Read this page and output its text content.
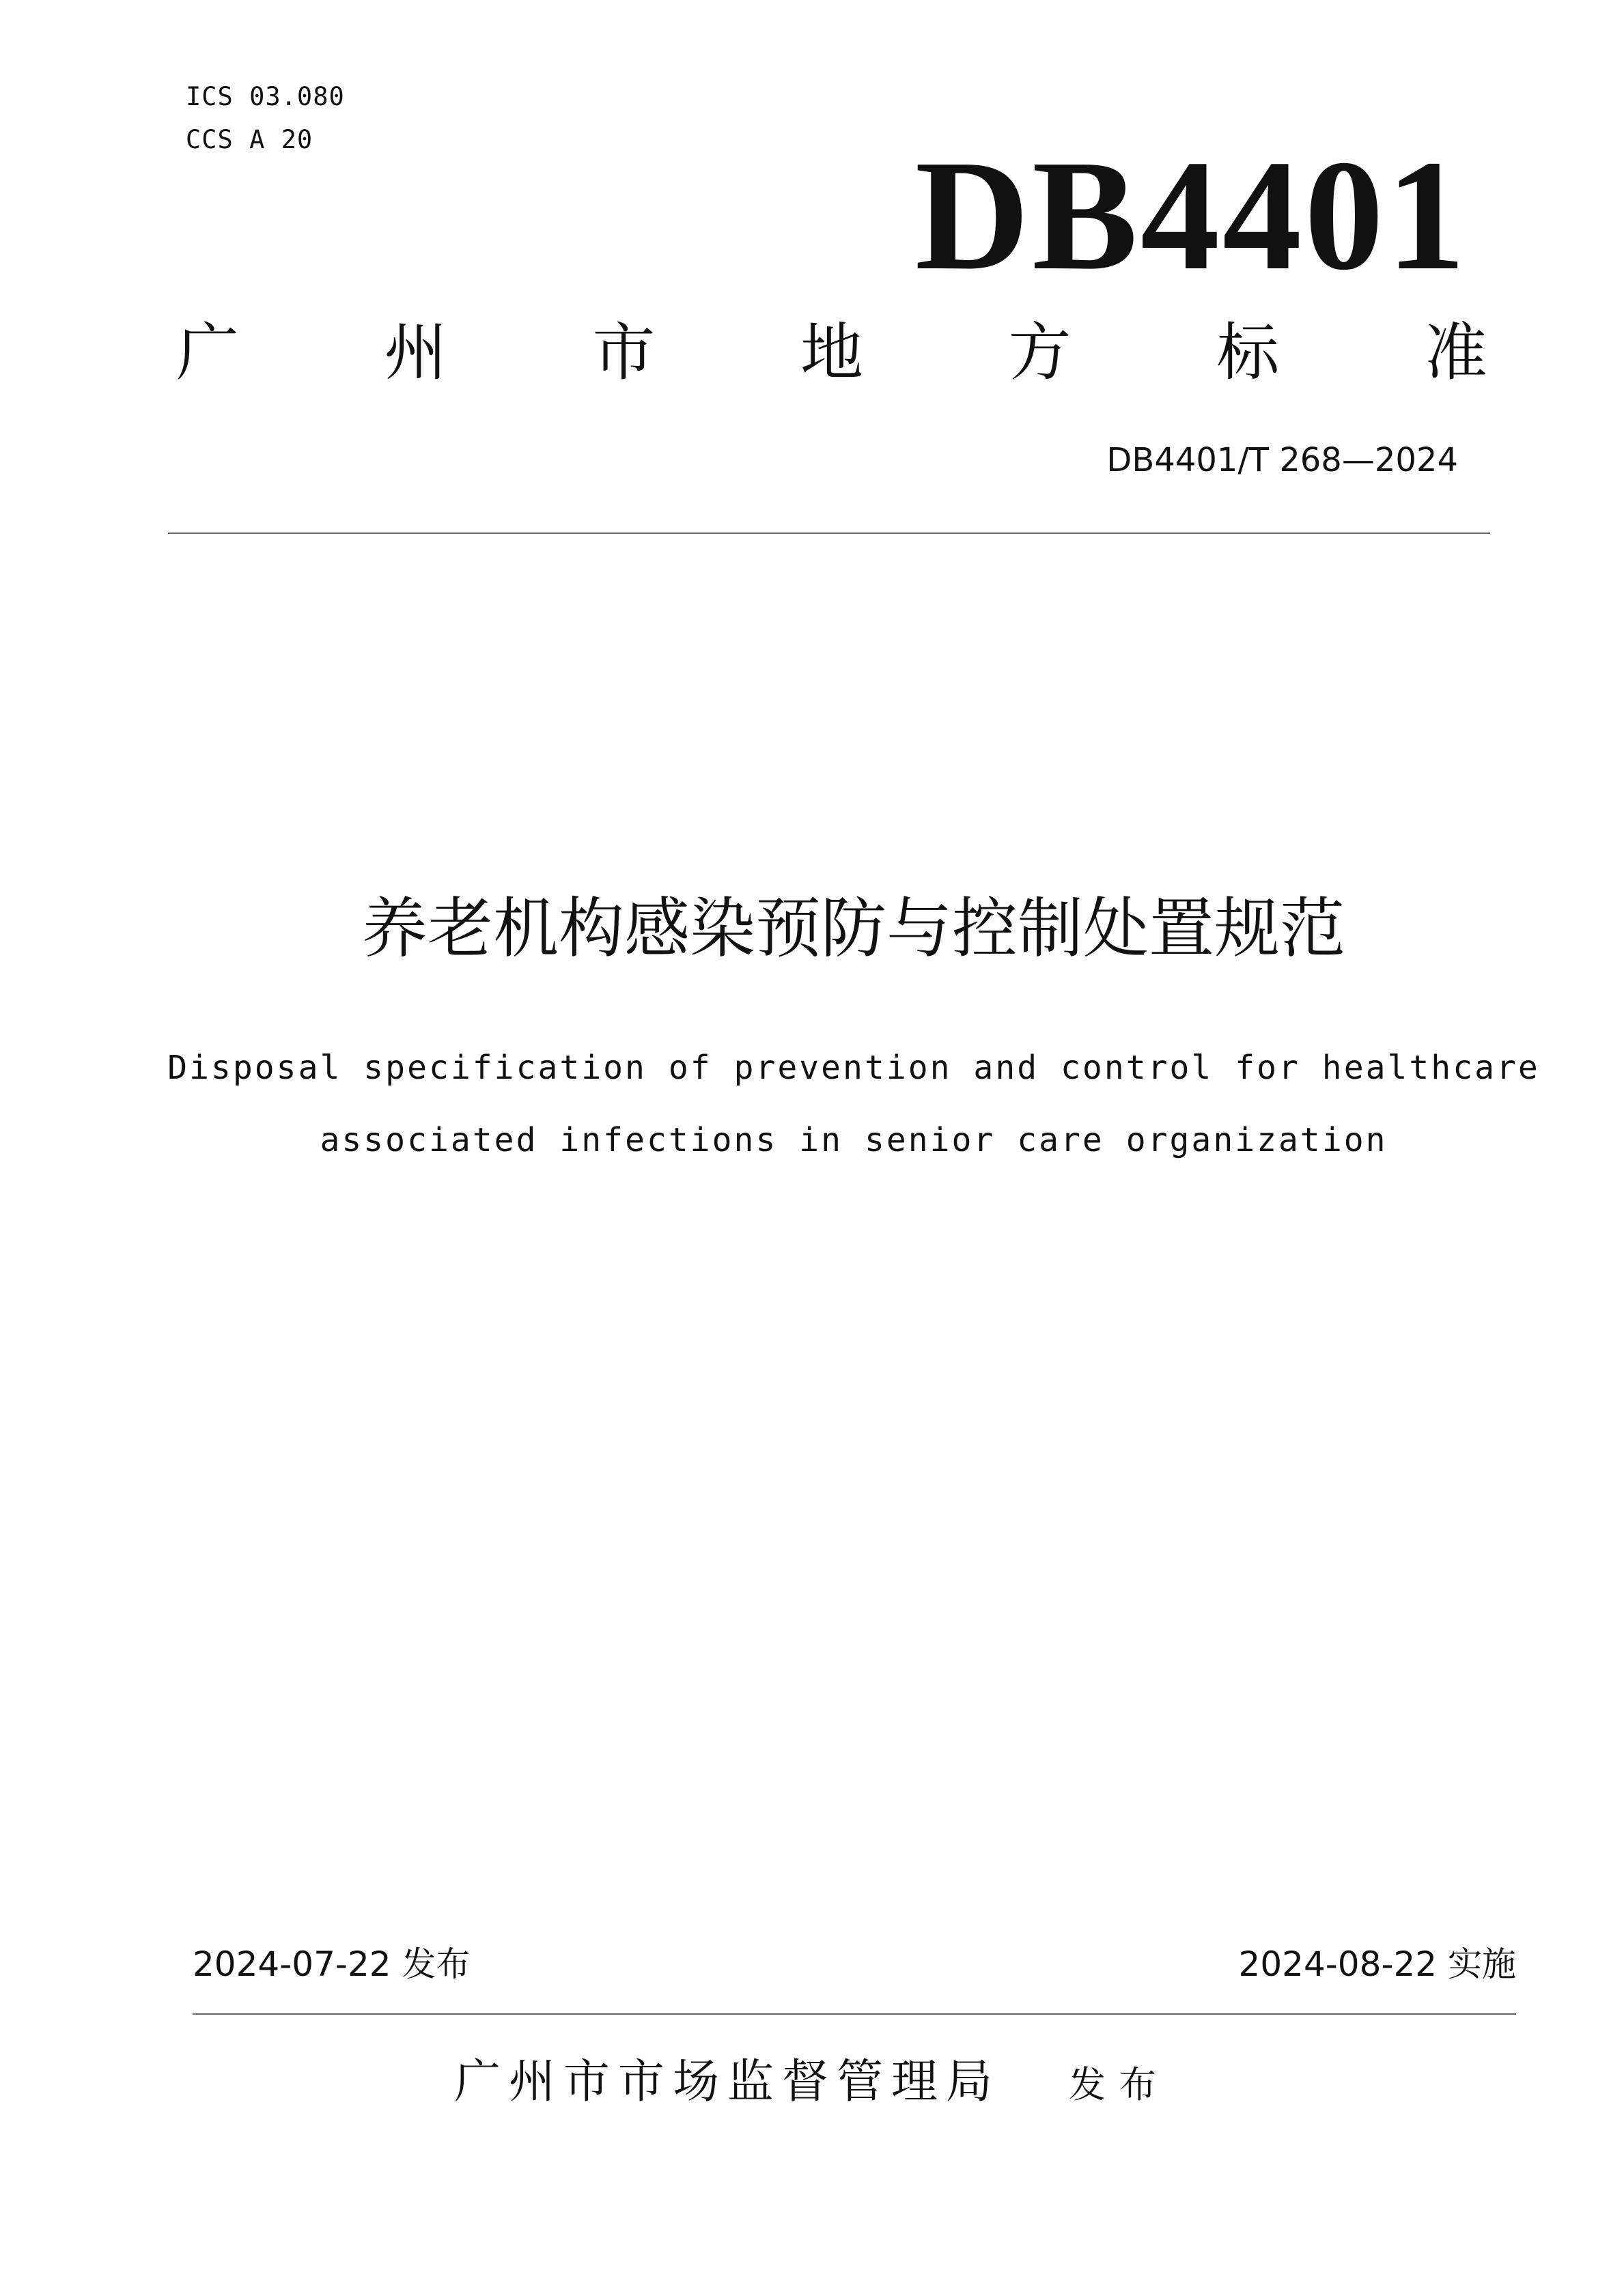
ICS 03.080
CCS A 20	DB4401
广 州 市 地 方 标 准
DB4401/T 268—2024
养老机构感染预防与控制处置规范
Disposal specification of prevention and control for healthcare
associated infections in senior care organization
2024-07-22 发布	2024-08-22 实施
广州市市场监督管理局 发布
